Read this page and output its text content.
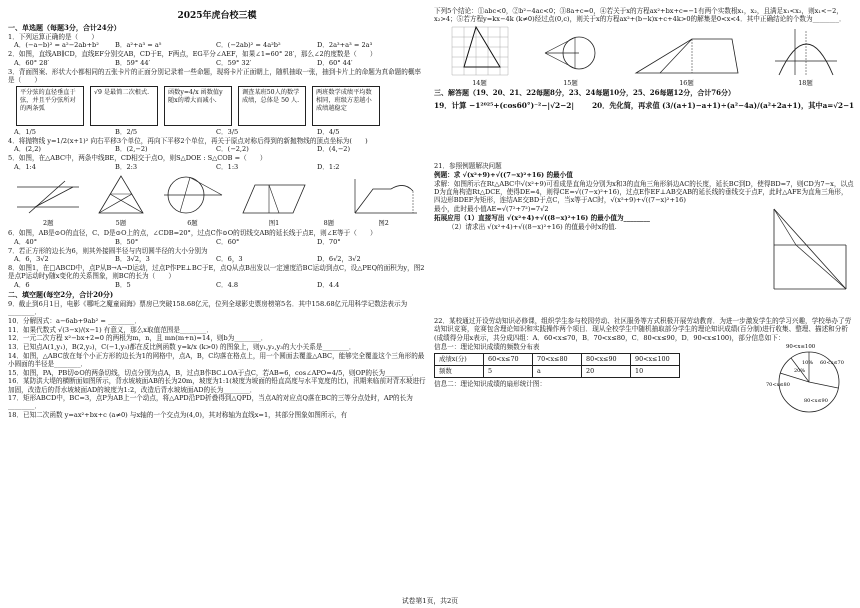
2025年虎台校三模
一、单选题（每题3分，合计24分）
1．下列运算正确的是（　　）
A．(−a−b)² = a²−2ab+b²	B．a²+a³ = a⁵	C．(−2ab)² = 4a²b²	D．2a³+a³ = 2a³
2．如图，直线AB∥CD，直线EF分别交AB，CD于E，F两点，EG平分∠AEF，如果∠1=60° 28′，那么∠2的度数是（　　）
A．60° 28′	B．59° 44′	C．59° 32′	D．60° 44′
3．背面图案、形状大小都相同的五张卡片的正面分别记录着一些命题，现将卡片正面朝上，随机抽取一张，抽到卡片上的命题为真命题的概率是（　　）
平分弦的直径垂直于弦，并且平分弦所对的两条弧
√9 是最简二次根式.	函数y=4/x 函数值y随x的增大而减小.
调查某班50人的数学成绩，总体是 50 人.
两班数学成绩平均数相同，班级方差越小成绩越稳定
A．1/5	B．2/5	C．3/5	D．4/5
4．将抛物线 y=1/2(x+1)² 向右平移3个单位，再向下平移2个单位，再关于原点对称后得到的新抛物线的顶点坐标为(　　)
A．(2,2)	B．(2,−2)	C．(−2,2)	D．(4,−2)
5．如图，在△ABC中，两条中线BE，CD相交于点O，则S△DOE : S△COB =（　　）
A．1:4	B．2:3	C．1:3	D．1:2
2题	5题	6题	图1	8题	图2
6．如图，AB是⊙O的直径，C、D是⊙O上的点，∠CDB=20°，过点C作⊙O的切线交AB的延长线于点E，则∠E等于（　　）
A．40°	B．50°	C．60°	D．70°
7．若正方形的边长为6，则其外接圆半径与内切圆半径的大小分别为
A．6，3√2	B．3√2，3	C．6，3	D．6√2，3√2
8．如图1，在□ABCD中，点P从B→A→D运动，过点P作PE⊥BC于E，点Q从点B出发以一定速度沿BC运动到点C，设△PEQ的面积为y，图2是点P运动时y随x变化的关系图象，则BC的长为（　　）
A．6	B．5	C．4.8	D．4.4
二、填空题(每空2分，合计20分)
9．截止到6月1日，电影《哪吒之魔童闹海》票房已突破158.68亿元，位列全球影史票房榜第5名．其中158.68亿元用科学记数法表示为________．
10．分解因式：a−6ab+9ab² = ________．
11．如果代数式 √(3−x)/(x−1) 有意义，那么x取值范围是________．
12．一元二次方程 x²−bx+2=0 的两根为m，n，且 mn(m+n)=14，则b为________．
13．已知点A(1,y₁)，B(2,y₂)，C(−1,y₃)都在反比例函数 y=k/x (k>0) 的图象上，则y₁,y₂,y₃的大小关系是________．
14．如图，△ABC放在每个小正方形的边长为1的网格中，点A，B，C均落在格点上，用一个圆面去覆盖△ABC，能够完全覆盖这个三角形的最小圆面的半径是________．
15．如图，PA，PB切⊙O的两条切线，切点分别为点A，B，过点B作BC⊥OA于点C，若AB=6，cos∠APO=4/5，则OP的长为________．
16．某防洪大堤的横断面如图所示，背水坡坡面AB的长为20m，坡度为1:1(坡度为坡面的铅直高度与水平宽度的比)，汛期来临前对背水坡进行加固，改造后的背水坡坡面AD的坡度为1:2，改造后背水坡坡面AD的长为________．
17．矩形ABCD中，BC=3，点P为AB上一个动点，将△APD沿PD折叠得到△QPD，当点A的对应点Q落在BC的三等分点处时，AP的长为________．
18．已知二次函数 y=ax²+bx+c (a≠0) 与x轴的一个交点为(4,0)，其对称轴为直线x=1，其部分图象如图所示，有
下列5个结论：①abc<0，②b²−4ac<0；③8a+c=0，④若关于x的方程ax²+bx+c=−1有两个实数根x₁，x₂，且满足x₁<x₂，则x₁<−2，x₂>4；⑤若方程y=kx−4k (k≠0)经过点(0,c)，则关于x的方程ax²+(b−k)x+c+4k>0的解集是0<x<4．其中正确结论的个数为________．
14题	15题	16题	18题
三、解答题（19、20、21、22每题8分，23、24每题10分，25、26每题12分，合计76分）
19．计算 −1²⁰²⁵+(cos60°)⁻²−|√2−2|	20．先化简，再求值 (3/(a+1)−a+1)÷(a²−4a)/(a²+2a+1)，其中a=√2−1
21．参照例题解决问题
例题：求 √(x²+9)+√((7−x)²+16) 的最小值
求解：如图所示在Rt△ABC中√(x²+9)可看成是直角边分别为x和3的直角三角形斜边AC的长度，延长BC到D，使得BD=7，则CD为7−x，以点D为直角构造Rt△DCE，使得DE=4，则得CE=√((7−x)²+16)，过点E作EF⊥AB交AB的延长线的垂线交于点F，此时△AFE为直角三角形，四边形BDEF为矩形，连结AE交BD于点C，当x等于AC时，√(x²+9)+√((7−x)²+16)
最小，此时最小值AE=√(7²+7²)=7√2
拓展应用（1）直接写出 √(x²+4)+√((8−x)²+16) 的最小值为________
（2）请求出 √(x²+4)+√((8−x)²+16) 的值最小时x的值.
22．某校通过开设劳动知识必修课，组织学生参与校园劳动、社区服务等方式积极开展劳动教育．为进一步激发学生的学习兴趣，学校举办了劳动知识竞赛，竞赛包含理论知识和实践操作两个项目．现从全校学生中随机抽取部分学生的理论知识成绩(百分制)进行收集、整理、描述和分析(成绩得分用x表示，共分成四组：A．60<x≤70，B．70<x≤80，C．80<x≤90，D．90<x≤100)，部分信息如下：
信息一：理论知识成绩的频数分布表
成绩x(分)	60<x≤70	70<x≤80	80<x≤90	90<x≤100
频数	5	a	20	10
信息二：理论知识成绩的扇形统计图：
90<x≤100
20%
10% 60<x≤70
70<x≤80
80<x≤90
试卷第1页，共2页
